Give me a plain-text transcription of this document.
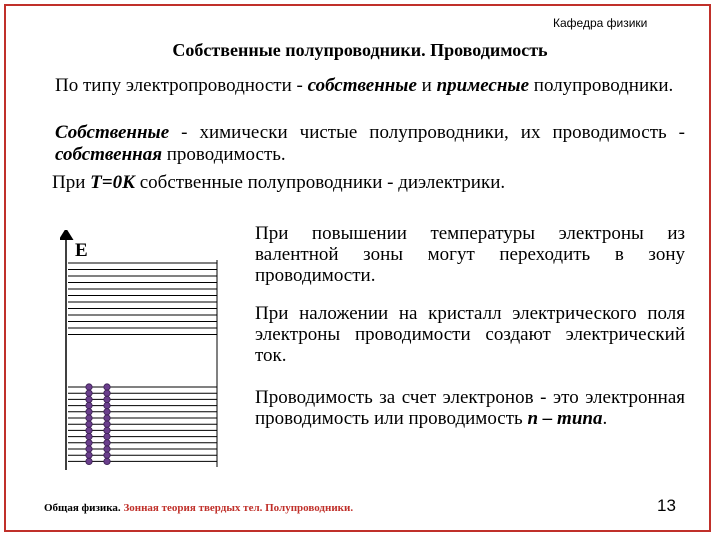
Кафедра физики
Собственные полупроводники. Проводимость
По типу электропроводности - собственные и примесные полупроводники.
Собственные - химически чистые полупроводники, их проводимость - собственная проводимость.
При Т=0К собственные полупроводники - диэлектрики.
E
При повышении температуры электроны из валентной зоны могут переходить в зону проводимости.
При наложении на кристалл электрического поля электроны проводимости создают электрический ток.
Проводимость за счет электронов - это электронная проводимость или проводимость n – типа.
Общая физика. Зонная теория твердых тел. Полупроводники.	13
